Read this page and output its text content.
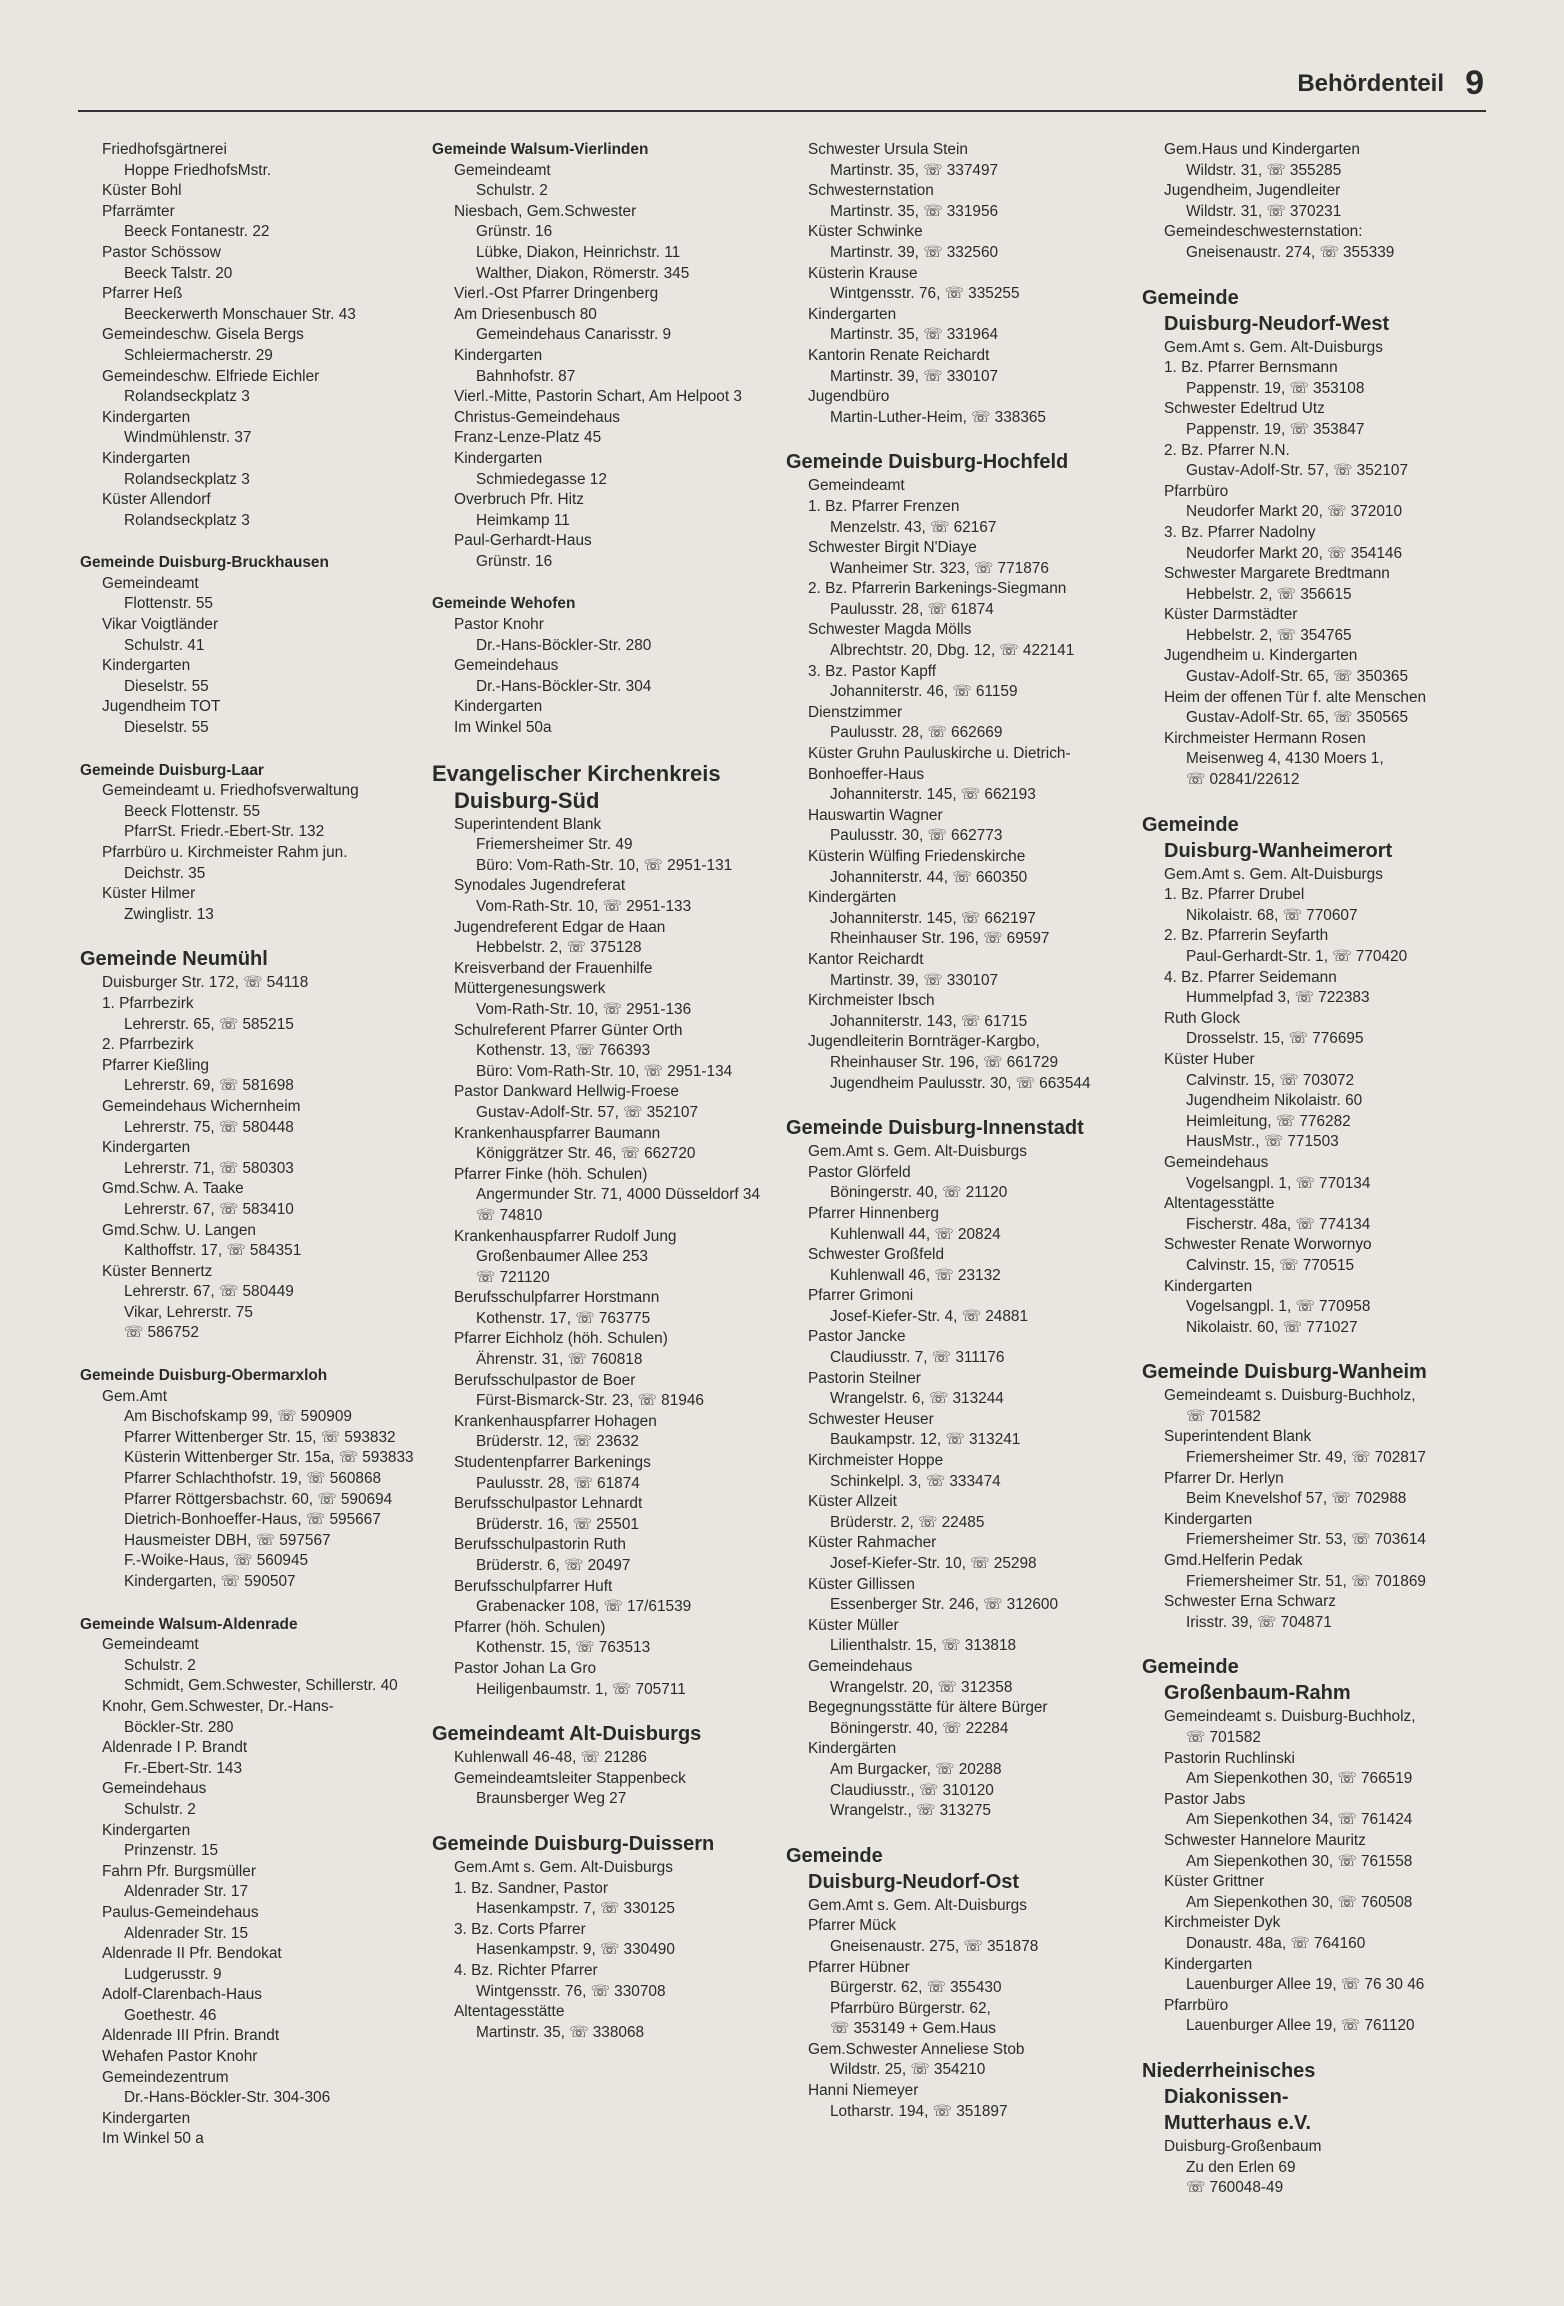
Behördenteil 9
Friedhofsgärtnerei
Hoppe FriedhofsMstr.
Küster Bohl
Pfarrämter
Beeck Fontanestr. 22
Pastor Schössow
Beeck Talstr. 20
Pfarrer Heß
Beeckerwerth Monschauer Str. 43
Gemeindeschw. Gisela Bergs
Schleiermacherstr. 29
Gemeindeschw. Elfriede Eichler
Rolandseckplatz 3
Kindergarten
Windmühlenstr. 37
Kindergarten
Rolandseckplatz 3
Küster Allendorf
Rolandseckplatz 3
Gemeinde Duisburg-Bruckhausen
Gemeindeamt
Flottenstr. 55
Vikar Voigtländer
Schulstr. 41
Kindergarten
Dieselstr. 55
Jugendheim TOT
Dieselstr. 55
Gemeinde Duisburg-Laar
Gemeindeamt u. Friedhofsverwaltung
Beeck Flottenstr. 55
PfarrSt. Friedr.-Ebert-Str. 132
Pfarrbüro u. Kirchmeister Rahm jun.
Deichstr. 35
Küster Hilmer
Zwinglistr. 13
Gemeinde Neumühl
Duisburger Str. 172, ☏ 54118
1. Pfarrbezirk
Lehrerstr. 65, ☏ 585215
2. Pfarrbezirk
Pfarrer Kießling
Lehrerstr. 69, ☏ 581698
Gemeindehaus Wichernheim
Lehrerstr. 75, ☏ 580448
Kindergarten
Lehrerstr. 71, ☏ 580303
Gmd.Schw. A. Taake
Lehrerstr. 67, ☏ 583410
Gmd.Schw. U. Langen
Kalthoffstr. 17, ☏ 584351
Küster Bennertz
Lehrerstr. 67, ☏ 580449
Vikar, Lehrerstr. 75
☏ 586752
Gemeinde Duisburg-Obermarxloh
Gem.Amt
Am Bischofskamp 99, ☏ 590909
Pfarrer Wittenberger Str. 15, ☏ 593832
Küsterin Wittenberger Str. 15a, ☏ 593833
Pfarrer Schlachthofstr. 19, ☏ 560868
Pfarrer Röttgersbachstr. 60, ☏ 590694
Dietrich-Bonhoeffer-Haus, ☏ 595667
Hausmeister DBH, ☏ 597567
F.-Woike-Haus, ☏ 560945
Kindergarten, ☏ 590507
Gemeinde Walsum-Aldenrade
Gemeindeamt
Schulstr. 2
Schmidt, Gem.Schwester, Schillerstr. 40
Knohr, Gem.Schwester, Dr.-Hans-
Böckler-Str. 280
Aldenrade I P. Brandt
Fr.-Ebert-Str. 143
Gemeindehaus
Schulstr. 2
Kindergarten
Prinzenstr. 15
Fahrn Pfr. Burgsmüller
Aldenrader Str. 17
Paulus-Gemeindehaus
Aldenrader Str. 15
Aldenrade II Pfr. Bendokat
Ludgerusstr. 9
Adolf-Clarenbach-Haus
Goethestr. 46
Aldenrade III Pfrin. Brandt
Wehafen Pastor Knohr
Gemeindezentrum
Dr.-Hans-Böckler-Str. 304-306
Kindergarten
Im Winkel 50 a
Gemeinde Walsum-Vierlinden
Gemeindeamt
Schulstr. 2
Niesbach, Gem.Schwester
Grünstr. 16
Lübke, Diakon, Heinrichstr. 11
Walther, Diakon, Römerstr. 345
Vierl.-Ost Pfarrer Dringenberg
Am Driesenbusch 80
Gemeindehaus Canarisstr. 9
Kindergarten
Bahnhofstr. 87
Vierl.-Mitte, Pastorin Schart, Am Helpoot 3
Christus-Gemeindehaus
Franz-Lenze-Platz 45
Kindergarten
Schmiedegasse 12
Overbruch Pfr. Hitz
Heimkamp 11
Paul-Gerhardt-Haus
Grünstr. 16
Gemeinde Wehofen
Pastor Knohr
Dr.-Hans-Böckler-Str. 280
Gemeindehaus
Dr.-Hans-Böckler-Str. 304
Kindergarten
Im Winkel 50a
Evangelischer Kirchenkreis
Duisburg-Süd
Superintendent Blank
Friemersheimer Str. 49
Büro: Vom-Rath-Str. 10, ☏ 2951-131
Synodales Jugendreferat
Vom-Rath-Str. 10, ☏ 2951-133
Jugendreferent Edgar de Haan
Hebbelstr. 2, ☏ 375128
Kreisverband der Frauenhilfe
Müttergenesungswerk
Vom-Rath-Str. 10, ☏ 2951-136
Schulreferent Pfarrer Günter Orth
Kothenstr. 13, ☏ 766393
Büro: Vom-Rath-Str. 10, ☏ 2951-134
Pastor Dankward Hellwig-Froese
Gustav-Adolf-Str. 57, ☏ 352107
Krankenhauspfarrer Baumann
Königgrätzer Str. 46, ☏ 662720
Pfarrer Finke (höh. Schulen)
Angermunder Str. 71, 4000 Düsseldorf 34
☏ 74810
Krankenhauspfarrer Rudolf Jung
Großenbaumer Allee 253
☏ 721120
Berufsschulpfarrer Horstmann
Kothenstr. 17, ☏ 763775
Pfarrer Eichholz (höh. Schulen)
Ährenstr. 31, ☏ 760818
Berufsschulpastor de Boer
Fürst-Bismarck-Str. 23, ☏ 81946
Krankenhauspfarrer Hohagen
Brüderstr. 12, ☏ 23632
Studentenpfarrer Barkenings
Paulusstr. 28, ☏ 61874
Berufsschulpastor Lehnardt
Brüderstr. 16, ☏ 25501
Berufsschulpastorin Ruth
Brüderstr. 6, ☏ 20497
Berufsschulpfarrer Huft
Grabenacker 108, ☏ 17/61539
Pfarrer (höh. Schulen)
Kothenstr. 15, ☏ 763513
Pastor Johan La Gro
Heiligenbaumstr. 1, ☏ 705711
Gemeindeamt Alt-Duisburgs
Kuhlenwall 46-48, ☏ 21286
Gemeindeamtsleiter Stappenbeck
Braunsberger Weg 27
Gemeinde Duisburg-Duissern
Gem.Amt s. Gem. Alt-Duisburgs
1. Bz. Sandner, Pastor
Hasenkampstr. 7, ☏ 330125
3. Bz. Corts Pfarrer
Hasenkampstr. 9, ☏ 330490
4. Bz. Richter Pfarrer
Wintgensstr. 76, ☏ 330708
Altentagesstätte
Martinstr. 35, ☏ 338068
Schwester Ursula Stein
Martinstr. 35, ☏ 337497
Schwesternstation
Martinstr. 35, ☏ 331956
Küster Schwinke
Martinstr. 39, ☏ 332560
Küsterin Krause
Wintgensstr. 76, ☏ 335255
Kindergarten
Martinstr. 35, ☏ 331964
Kantorin Renate Reichardt
Martinstr. 39, ☏ 330107
Jugendbüro
Martin-Luther-Heim, ☏ 338365
Gemeinde Duisburg-Hochfeld
Gemeindeamt
1. Bz. Pfarrer Frenzen
Menzelstr. 43, ☏ 62167
Schwester Birgit N'Diaye
Wanheimer Str. 323, ☏ 771876
2. Bz. Pfarrerin Barkenings-Siegmann
Paulusstr. 28, ☏ 61874
Schwester Magda Mölls
Albrechtstr. 20, Dbg. 12, ☏ 422141
3. Bz. Pastor Kapff
Johanniterstr. 46, ☏ 61159
Dienstzimmer
Paulusstr. 28, ☏ 662669
Küster Gruhn Pauluskirche u. Dietrich-
Bonhoeffer-Haus
Johanniterstr. 145, ☏ 662193
Hauswartin Wagner
Paulusstr. 30, ☏ 662773
Küsterin Wülfing Friedenskirche
Johanniterstr. 44, ☏ 660350
Kindergärten
Johanniterstr. 145, ☏ 662197
Rheinhauser Str. 196, ☏ 69597
Kantor Reichardt
Martinstr. 39, ☏ 330107
Kirchmeister Ibsch
Johanniterstr. 143, ☏ 61715
Jugendleiterin Bornträger-Kargbo,
Rheinhauser Str. 196, ☏ 661729
Jugendheim Paulusstr. 30, ☏ 663544
Gemeinde Duisburg-Innenstadt
Gem.Amt s. Gem. Alt-Duisburgs
Pastor Glörfeld
Böningerstr. 40, ☏ 21120
Pfarrer Hinnenberg
Kuhlenwall 44, ☏ 20824
Schwester Großfeld
Kuhlenwall 46, ☏ 23132
Pfarrer Grimoni
Josef-Kiefer-Str. 4, ☏ 24881
Pastor Jancke
Claudiusstr. 7, ☏ 311176
Pastorin Steilner
Wrangelstr. 6, ☏ 313244
Schwester Heuser
Baukampstr. 12, ☏ 313241
Kirchmeister Hoppe
Schinkelpl. 3, ☏ 333474
Küster Allzeit
Brüderstr. 2, ☏ 22485
Küster Rahmacher
Josef-Kiefer-Str. 10, ☏ 25298
Küster Gillissen
Essenberger Str. 246, ☏ 312600
Küster Müller
Lilienthalstr. 15, ☏ 313818
Gemeindehaus
Wrangelstr. 20, ☏ 312358
Begegnungsstätte für ältere Bürger
Böningerstr. 40, ☏ 22284
Kindergärten
Am Burgacker, ☏ 20288
Claudiusstr., ☏ 310120
Wrangelstr., ☏ 313275
Gemeinde
Duisburg-Neudorf-Ost
Gem.Amt s. Gem. Alt-Duisburgs
Pfarrer Mück
Gneisenaustr. 275, ☏ 351878
Pfarrer Hübner
Bürgerstr. 62, ☏ 355430
Pfarrbüro Bürgerstr. 62,
☏ 353149 + Gem.Haus
Gem.Schwester Anneliese Stob
Wildstr. 25, ☏ 354210
Hanni Niemeyer
Lotharstr. 194, ☏ 351897
Gem.Haus und Kindergarten
Wildstr. 31, ☏ 355285
Jugendheim, Jugendleiter
Wildstr. 31, ☏ 370231
Gemeindeschwesternstation:
Gneisenaustr. 274, ☏ 355339
Gemeinde
Duisburg-Neudorf-West
Gem.Amt s. Gem. Alt-Duisburgs
1. Bz. Pfarrer Bernsmann
Pappenstr. 19, ☏ 353108
Schwester Edeltrud Utz
Pappenstr. 19, ☏ 353847
2. Bz. Pfarrer N.N.
Gustav-Adolf-Str. 57, ☏ 352107
Pfarrbüro
Neudorfer Markt 20, ☏ 372010
3. Bz. Pfarrer Nadolny
Neudorfer Markt 20, ☏ 354146
Schwester Margarete Bredtmann
Hebbelstr. 2, ☏ 356615
Küster Darmstädter
Hebbelstr. 2, ☏ 354765
Jugendheim u. Kindergarten
Gustav-Adolf-Str. 65, ☏ 350365
Heim der offenen Tür f. alte Menschen
Gustav-Adolf-Str. 65, ☏ 350565
Kirchmeister Hermann Rosen
Meisenweg 4, 4130 Moers 1,
☏ 02841/22612
Gemeinde
Duisburg-Wanheimerort
Gem.Amt s. Gem. Alt-Duisburgs
1. Bz. Pfarrer Drubel
Nikolaistr. 68, ☏ 770607
2. Bz. Pfarrerin Seyfarth
Paul-Gerhardt-Str. 1, ☏ 770420
4. Bz. Pfarrer Seidemann
Hummelpfad 3, ☏ 722383
Ruth Glock
Drosselstr. 15, ☏ 776695
Küster Huber
Calvinstr. 15, ☏ 703072
Jugendheim Nikolaistr. 60
Heimleitung, ☏ 776282
HausMstr., ☏ 771503
Gemeindehaus
Vogelsangpl. 1, ☏ 770134
Altentagesstätte
Fischerstr. 48a, ☏ 774134
Schwester Renate Worwornyo
Calvinstr. 15, ☏ 770515
Kindergarten
Vogelsangpl. 1, ☏ 770958
Nikolaistr. 60, ☏ 771027
Gemeinde Duisburg-Wanheim
Gemeindeamt s. Duisburg-Buchholz,
☏ 701582
Superintendent Blank
Friemersheimer Str. 49, ☏ 702817
Pfarrer Dr. Herlyn
Beim Knevelshof 57, ☏ 702988
Kindergarten
Friemersheimer Str. 53, ☏ 703614
Gmd.Helferin Pedak
Friemersheimer Str. 51, ☏ 701869
Schwester Erna Schwarz
Irisstr. 39, ☏ 704871
Gemeinde
Großenbaum-Rahm
Gemeindeamt s. Duisburg-Buchholz,
☏ 701582
Pastorin Ruchlinski
Am Siepenkothen 30, ☏ 766519
Pastor Jabs
Am Siepenkothen 34, ☏ 761424
Schwester Hannelore Mauritz
Am Siepenkothen 30, ☏ 761558
Küster Grittner
Am Siepenkothen 30, ☏ 760508
Kirchmeister Dyk
Donaustr. 48a, ☏ 764160
Kindergarten
Lauenburger Allee 19, ☏ 76 30 46
Pfarrbüro
Lauenburger Allee 19, ☏ 761120
Niederrheinisches
Diakonissen-
Mutterhaus e.V.
Duisburg-Großenbaum
Zu den Erlen 69
☏ 760048-49
